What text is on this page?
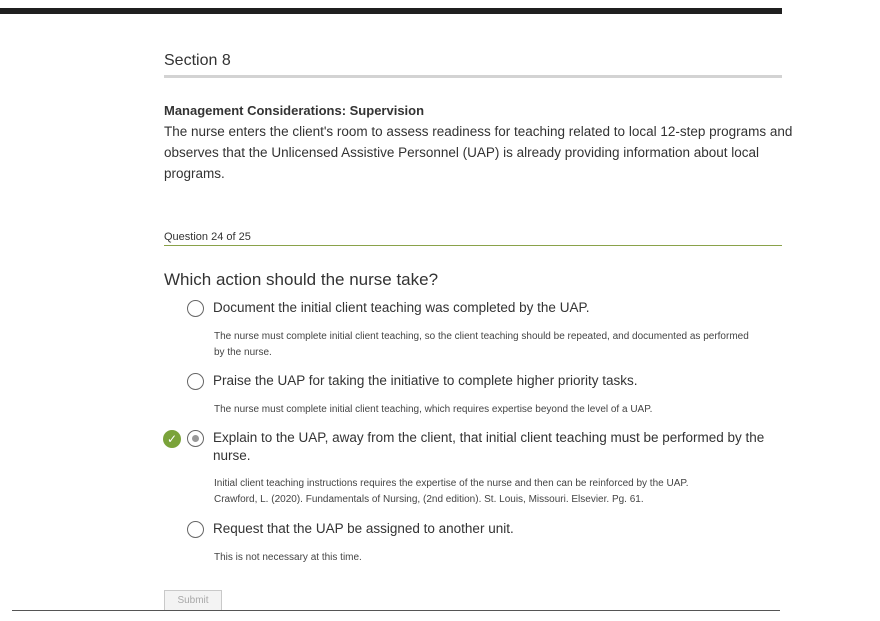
Section 8
Management Considerations: Supervision
The nurse enters the client's room to assess readiness for teaching related to local 12-step programs and observes that the Unlicensed Assistive Personnel (UAP) is already providing information about local programs.
Question 24 of 25
Which action should the nurse take?
Document the initial client teaching was completed by the UAP.
The nurse must complete initial client teaching, so the client teaching should be repeated, and documented as performed
by the nurse.
Praise the UAP for taking the initiative to complete higher priority tasks.
The nurse must complete initial client teaching, which requires expertise beyond the level of a UAP.
✓	Explain to the UAP, away from the client, that initial client teaching must be performed by the nurse.
Initial client teaching instructions requires the expertise of the nurse and then can be reinforced by the UAP.
Crawford, L. (2020). Fundamentals of Nursing, (2nd edition). St. Louis, Missouri. Elsevier. Pg. 61.
Request that the UAP be assigned to another unit.
This is not necessary at this time.
Submit
